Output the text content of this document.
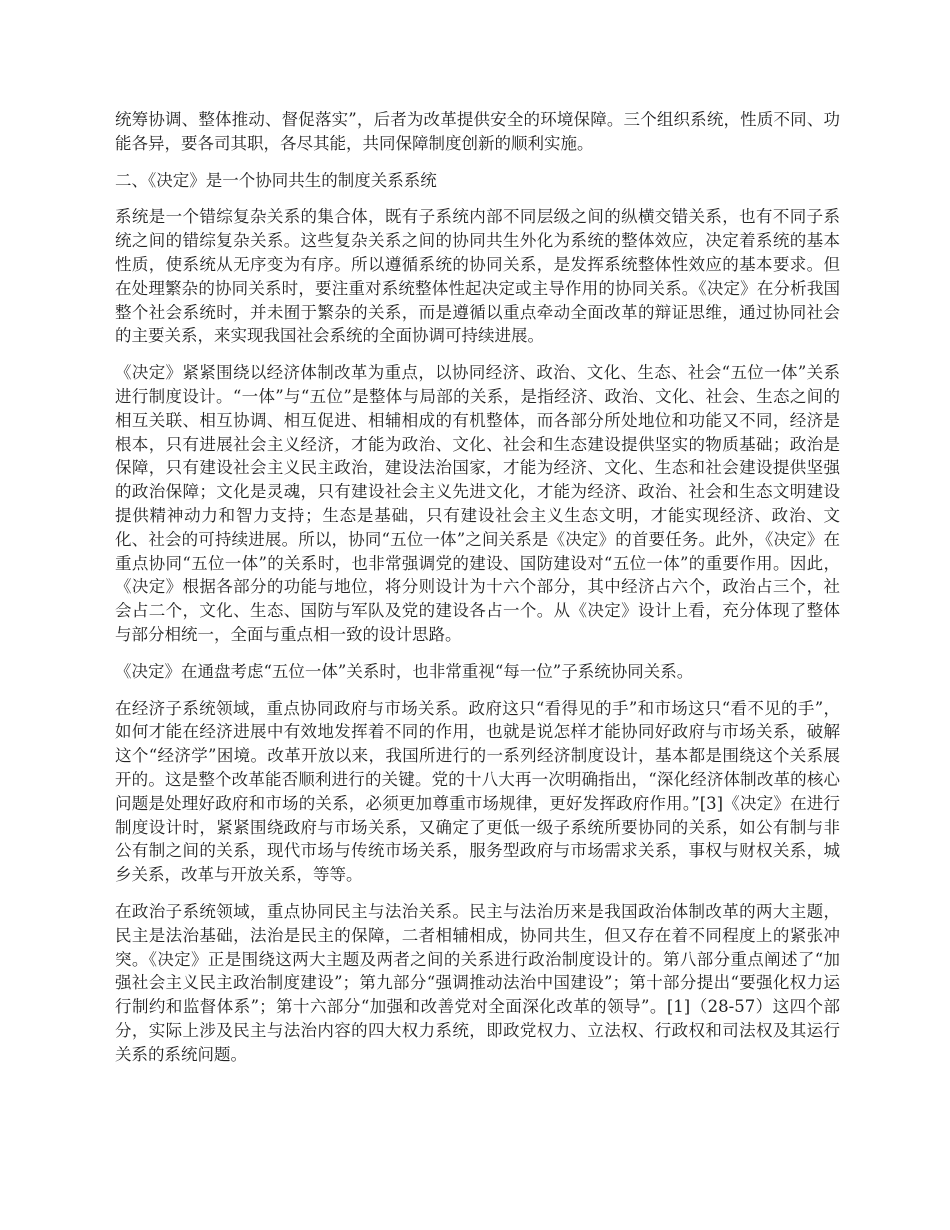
统筹协调、整体推动、督促落实”，后者为改革提供安全的环境保障。三个组织系统，性质不同、功能各异，要各司其职，各尽其能，共同保障制度创新的顺利实施。

二、《决定》是一个协同共生的制度关系系统

系统是一个错综复杂关系的集合体，既有子系统内部不同层级之间的纵横交错关系，也有不同子系统之间的错综复杂关系。这些复杂关系之间的协同共生外化为系统的整体效应，决定着系统的基本性质，使系统从无序变为有序。所以遵循系统的协同关系，是发挥系统整体性效应的基本要求。但在处理繁杂的协同关系时，要注重对系统整体性起决定或主导作用的协同关系。《决定》在分析我国整个社会系统时，并未囿于繁杂的关系，而是遵循以重点牵动全面改革的辩证思维，通过协同社会的主要关系，来实现我国社会系统的全面协调可持续进展。

《决定》紧紧围绕以经济体制改革为重点，以协同经济、政治、文化、生态、社会“五位一体”关系进行制度设计。“一体”与“五位”是整体与局部的关系，是指经济、政治、文化、社会、生态之间的相互关联、相互协调、相互促进、相辅相成的有机整体，而各部分所处地位和功能又不同，经济是根本，只有进展社会主义经济，才能为政治、文化、社会和生态建设提供坚实的物质基础；政治是保障，只有建设社会主义民主政治，建设法治国家，才能为经济、文化、生态和社会建设提供坚强的政治保障；文化是灵魂，只有建设社会主义先进文化，才能为经济、政治、社会和生态文明建设提供精神动力和智力支持；生态是基础，只有建设社会主义生态文明，才能实现经济、政治、文化、社会的可持续进展。所以，协同“五位一体”之间关系是《决定》的首要任务。此外，《决定》在重点协同“五位一体”的关系时，也非常强调党的建设、国防建设对“五位一体”的重要作用。因此，《决定》根据各部分的功能与地位，将分则设计为十六个部分，其中经济占六个，政治占三个，社会占二个，文化、生态、国防与军队及党的建设各占一个。从《决定》设计上看，充分体现了整体与部分相统一，全面与重点相一致的设计思路。

《决定》在通盘考虑“五位一体”关系时，也非常重视“每一位”子系统协同关系。

在经济子系统领域，重点协同政府与市场关系。政府这只“看得见的手”和市场这只“看不见的手”，如何才能在经济进展中有效地发挥着不同的作用，也就是说怎样才能协同好政府与市场关系，破解这个“经济学”困境。改革开放以来，我国所进行的一系列经济制度设计，基本都是围绕这个关系展开的。这是整个改革能否顺利进行的关键。党的十八大再一次明确指出，“深化经济体制改革的核心问题是处理好政府和市场的关系，必须更加尊重市场规律，更好发挥政府作用。”[3]《决定》在进行制度设计时，紧紧围绕政府与市场关系，又确定了更低一级子系统所要协同的关系，如公有制与非公有制之间的关系，现代市场与传统市场关系，服务型政府与市场需求关系，事权与财权关系，城乡关系，改革与开放关系，等等。

在政治子系统领域，重点协同民主与法治关系。民主与法治历来是我国政治体制改革的两大主题，民主是法治基础，法治是民主的保障，二者相辅相成，协同共生，但又存在着不同程度上的紧张冲突。《决定》正是围绕这两大主题及两者之间的关系进行政治制度设计的。第八部分重点阐述了“加强社会主义民主政治制度建设”；第九部分“强调推动法治中国建设”；第十部分提出“要强化权力运行制约和监督体系”；第十六部分“加强和改善党对全面深化改革的领导”。[1]（28-57）这四个部分，实际上涉及民主与法治内容的四大权力系统，即政党权力、立法权、行政权和司法权及其运行关系的系统问题。
